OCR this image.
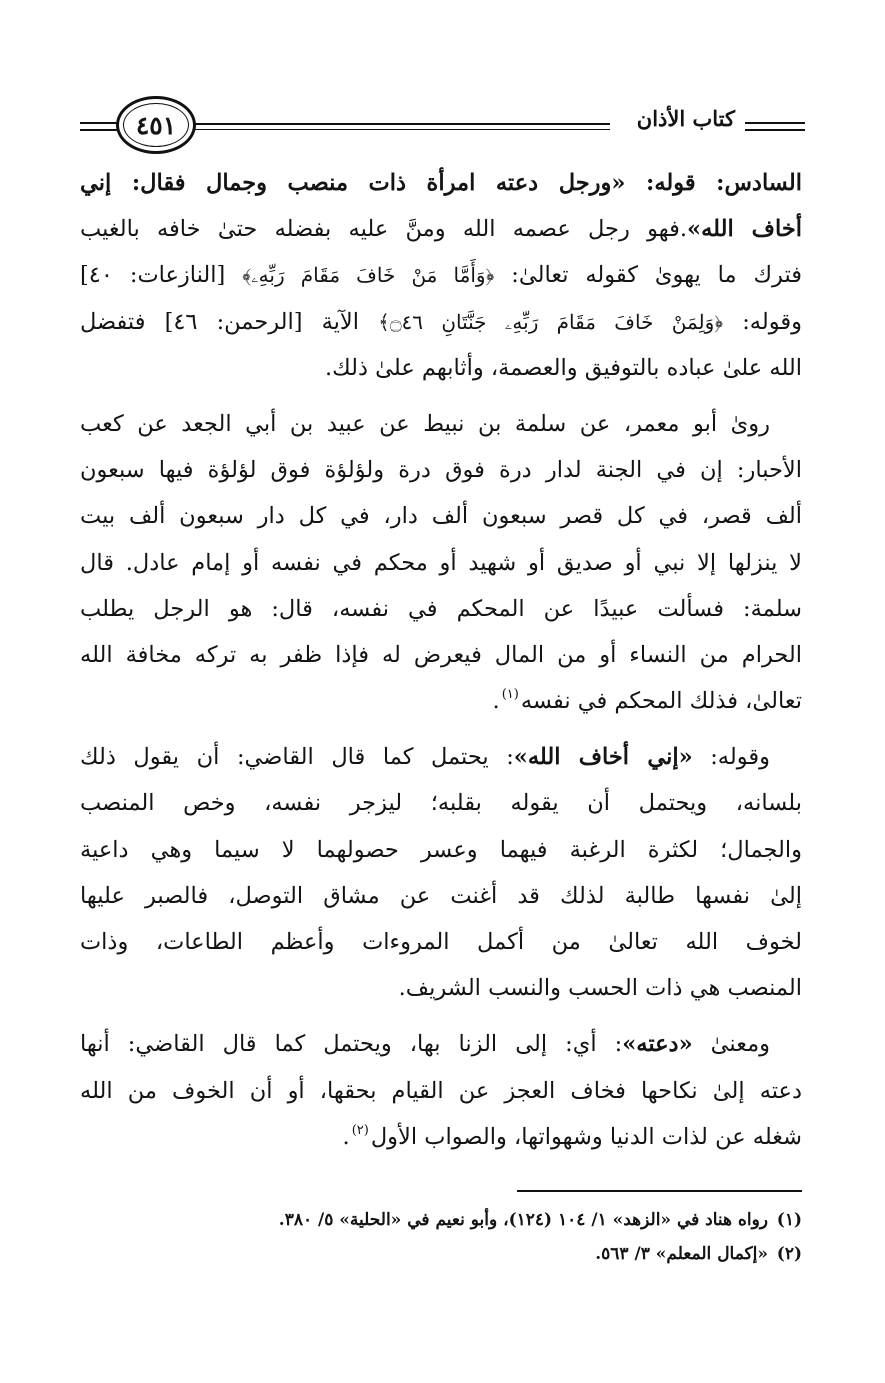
كتاب الأذان
٤٥١
السادس: قوله: «ورجل دعته امرأة ذات منصب وجمال فقال: إني
أخاف الله».فهو رجل عصمه الله ومنَّ عليه بفضله حتىٰ خافه بالغيب
فترك ما يهوىٰ كقوله تعالىٰ: ﴿وَأَمَّا مَنْ خَافَ مَقَامَ رَبِّهِۦ﴾ [النازعات: ٤٠]
وقوله: ﴿وَلِمَنْ خَافَ مَقَامَ رَبِّهِۦ جَنَّتَانِ ۝٤٦﴾ الآية [الرحمن: ٤٦] فتفضل
الله علىٰ عباده بالتوفيق والعصمة، وأثابهم علىٰ ذلك.
روىٰ أبو معمر، عن سلمة بن نبيط عن عبيد بن أبي الجعد عن كعب
الأحبار: إن في الجنة لدار درة فوق درة ولؤلؤة فوق لؤلؤة فيها سبعون
ألف قصر، في كل قصر سبعون ألف دار، في كل دار سبعون ألف بيت
لا ينزلها إلا نبي أو صديق أو شهيد أو محكم في نفسه أو إمام عادل. قال
سلمة: فسألت عبيدًا عن المحكم في نفسه، قال: هو الرجل يطلب
الحرام من النساء أو من المال فيعرض له فإذا ظفر به تركه مخافة الله
تعالىٰ، فذلك المحكم في نفسه$^{(١)}$.
وقوله: «إني أخاف الله»: يحتمل كما قال القاضي: أن يقول ذلك
بلسانه، ويحتمل أن يقوله بقلبه؛ ليزجر نفسه، وخص المنصب
والجمال؛ لكثرة الرغبة فيهما وعسر حصولهما لا سيما وهي داعية
إلىٰ نفسها طالبة لذلك قد أغنت عن مشاق التوصل، فالصبر عليها
لخوف الله تعالىٰ من أكمل المروءات وأعظم الطاعات، وذات
المنصب هي ذات الحسب والنسب الشريف.
ومعنىٰ «دعته»: أي: إلى الزنا بها، ويحتمل كما قال القاضي: أنها
دعته إلىٰ نكاحها فخاف العجز عن القيام بحقها، أو أن الخوف من الله
شغله عن لذات الدنيا وشهواتها، والصواب الأول$^{(٢)}$.
(١)رواه هناد في «الزهد» ١/ ١٠٤ (١٢٤)، وأبو نعيم في «الحلية» ٥/ ٣٨٠.
(٢)«إكمال المعلم» ٣/ ٥٦٣.
